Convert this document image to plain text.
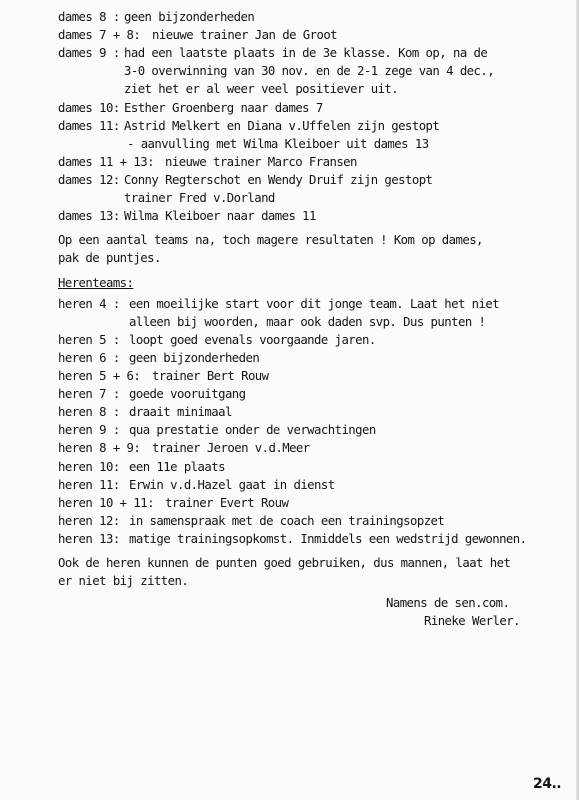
dames 8 : geen bijzonderheden
dames 7 + 8: nieuwe trainer Jan de Groot
dames 9 : had een laatste plaats in de 3e klasse. Kom op, na de
3-0 overwinning van 30 nov. en de 2-1 zege van 4 dec.,
ziet het er al weer veel positiever uit.
dames 10: Esther Groenberg naar dames 7
dames 11: Astrid Melkert en Diana v.Uffelen zijn gestopt
- aanvulling met Wilma Kleiboer uit dames 13
dames 11 + 13: nieuwe trainer Marco Fransen
dames 12: Conny Regterschot en Wendy Druif zijn gestopt
trainer Fred v.Dorland
dames 13: Wilma Kleiboer naar dames 11
Op een aantal teams na, toch magere resultaten ! Kom op dames,
pak de puntjes.
Herenteams:
heren 4 : een moeilijke start voor dit jonge team. Laat het niet
alleen bij woorden, maar ook daden svp. Dus punten !
heren 5 : loopt goed evenals voorgaande jaren.
heren 6 : geen bijzonderheden
heren 5 + 6: trainer Bert Rouw
heren 7 : goede vooruitgang
heren 8 : draait minimaal
heren 9 : qua prestatie onder de verwachtingen
heren 8 + 9: trainer Jeroen v.d.Meer
heren 10: een 11e plaats
heren 11: Erwin v.d.Hazel gaat in dienst
heren 10 + 11: trainer Evert Rouw
heren 12: in samenspraak met de coach een trainingsopzet
heren 13: matige trainingsopkomst. Inmiddels een wedstrijd gewonnen.
Ook de heren kunnen de punten goed gebruiken, dus mannen, laat het
er niet bij zitten.
Namens de sen.com.
Rineke Werler.
24..
